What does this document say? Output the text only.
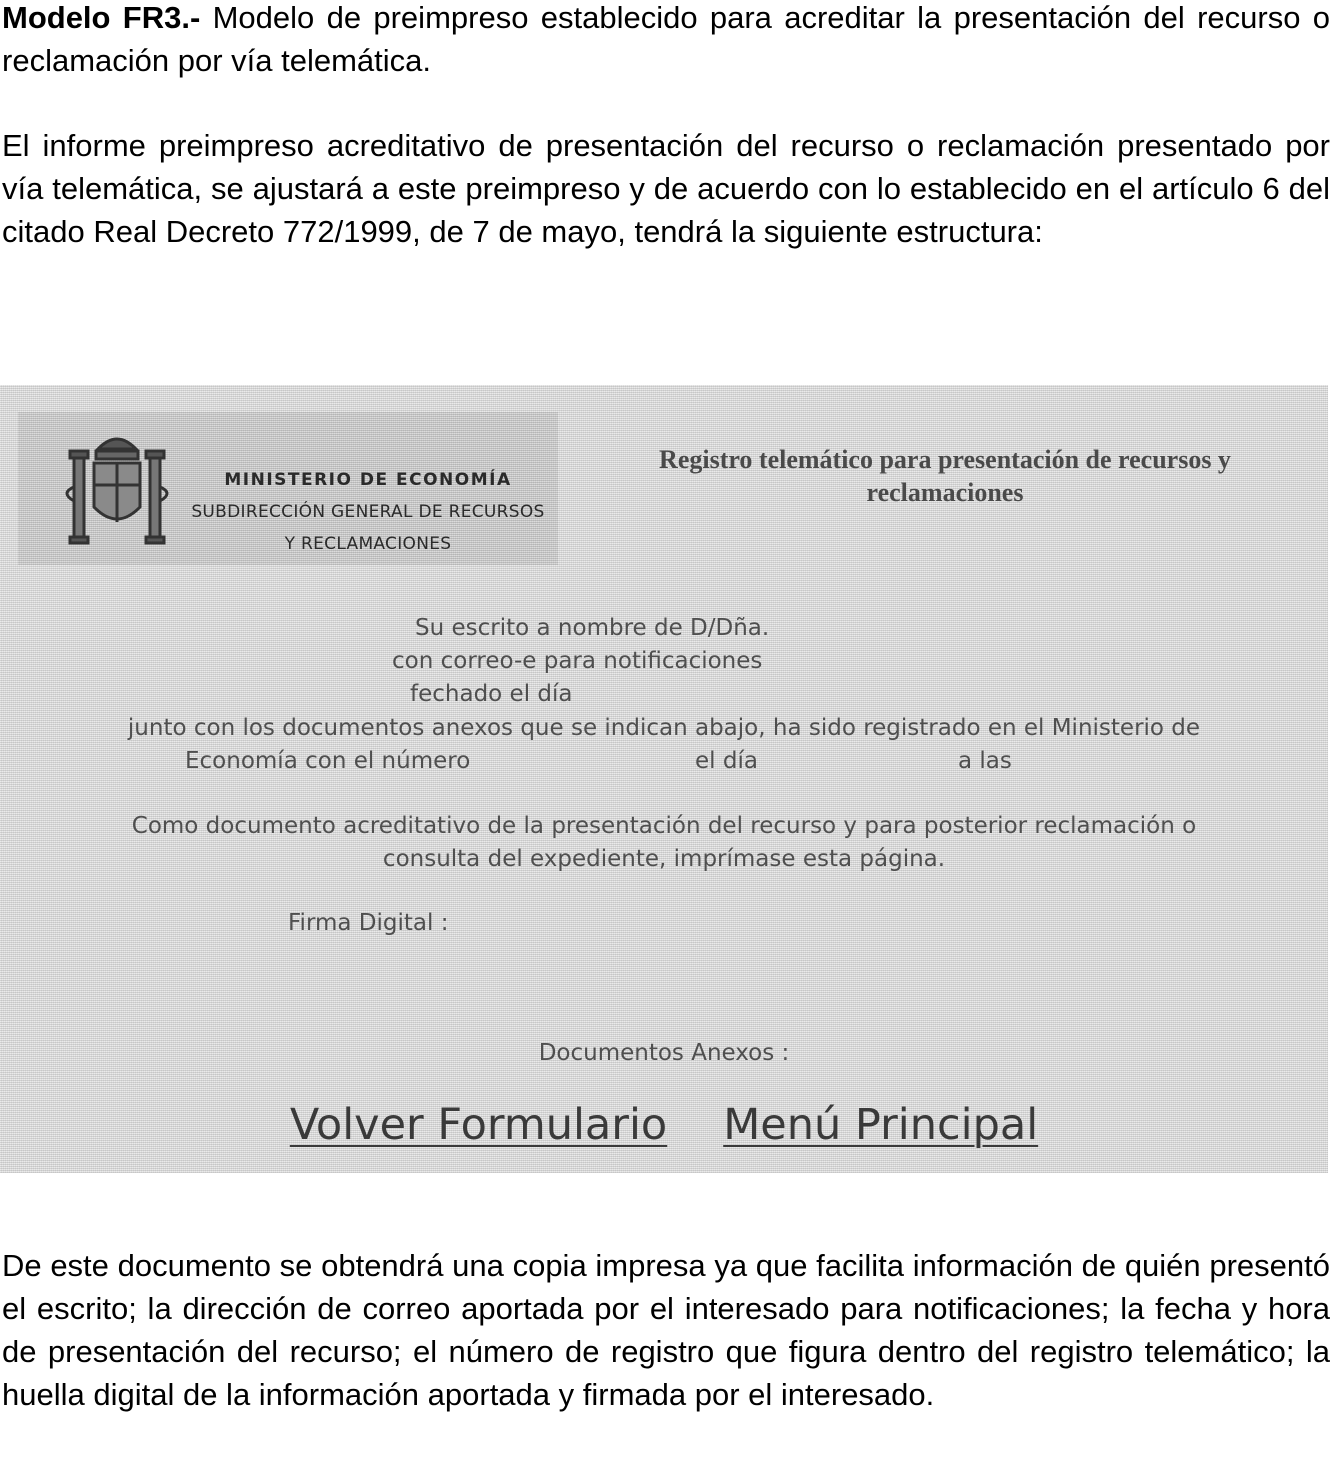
Modelo FR3.- Modelo de preimpreso establecido para acreditar la presentación del recurso o reclamación por vía telemática.

El informe preimpreso acreditativo de presentación del recurso o reclamación presentado por vía telemática, se ajustará a este preimpreso y de acuerdo con lo establecido en el artículo 6 del citado Real Decreto 772/1999, de 7 de mayo, tendrá la siguiente estructura:

MINISTERIO DE ECONOMÍA
SUBDIRECCIÓN GENERAL DE RECURSOS
Y RECLAMACIONES
Registro telemático para presentación de recursos y reclamaciones
Su escrito a nombre de D/Dña.
con correo-e para notificaciones
fechado el día
junto con los documentos anexos que se indican abajo, ha sido registrado en el Ministerio de
Economía con el número	el día	a las
Como documento acreditativo de la presentación del recurso y para posterior reclamación o
consulta del expediente, imprímase esta página.
Firma Digital :
Documentos Anexos :
Volver Formulario Menú Principal

De este documento se obtendrá una copia impresa ya que facilita información de quién presentó el escrito; la dirección de correo aportada por el interesado para notificaciones; la fecha y hora de presentación del recurso; el número de registro que figura dentro del registro telemático; la huella digital de la información aportada y firmada por el interesado.
